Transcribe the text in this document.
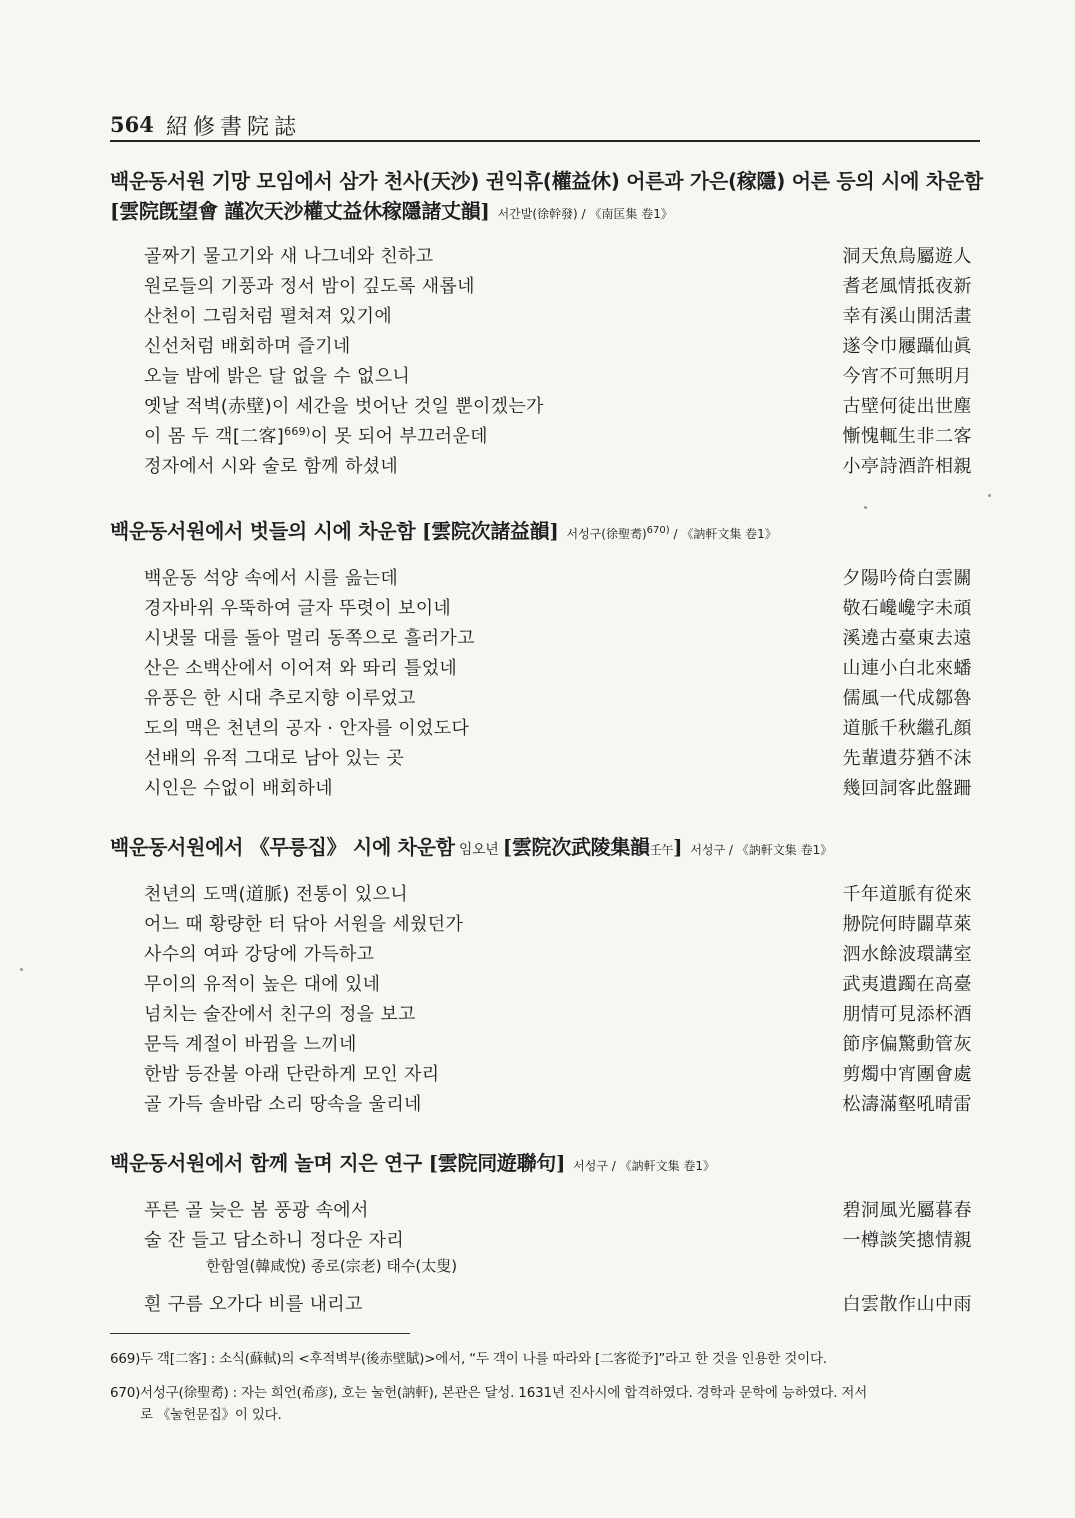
564 紹修書院誌
백운동서원 기망 모임에서 삼가 천사(天沙) 권익휴(權益休) 어른과 가은(稼隱) 어른 등의 시에 차운함
[雲院旣望會 謹次天沙權丈益休稼隱諸丈韻] 서간발(徐幹發) / 《南匡集 卷1》
골짜기 물고기와 새 나그네와 친하고	洞天魚鳥屬遊人
원로들의 기풍과 정서 밤이 깊도록 새롭네	耆老風情抵夜新
산천이 그림처럼 펼쳐져 있기에	幸有溪山開活畫
신선처럼 배회하며 즐기네	遂令巾屨躡仙眞
오늘 밤에 밝은 달 없을 수 없으니	今宵不可無明月
옛날 적벽(赤壁)이 세간을 벗어난 것일 뿐이겠는가	古壁何徒出世塵
이 몸 두 객[二客]$^{669)}$이 못 되어 부끄러운데	慚愧輒生非二客
정자에서 시와 술로 함께 하셨네	小亭詩酒許相親
백운동서원에서 벗들의 시에 차운함 [雲院次諸益韻] 서성구(徐聖耉)$^{670)}$ / 《訥軒文集 卷1》
백운동 석양 속에서 시를 읊는데	夕陽吟倚白雲關
경자바위 우뚝하여 글자 뚜렷이 보이네	敬石巉巉字未頑
시냇물 대를 돌아 멀리 동쪽으로 흘러가고	溪遶古臺東去遠
산은 소백산에서 이어져 와 똬리 틀었네	山連小白北來蟠
유풍은 한 시대 추로지향 이루었고	儒風一代成鄒魯
도의 맥은 천년의 공자 · 안자를 이었도다	道脈千秋繼孔顔
선배의 유적 그대로 남아 있는 곳	先輩遺芬猶不沫
시인은 수없이 배회하네	幾回詞客此盤跚
백운동서원에서 《무릉집》 시에 차운함 임오년 [雲院次武陵集韻壬午] 서성구 / 《訥軒文集 卷1》
천년의 도맥(道脈) 전통이 있으니	千年道脈有從來
어느 때 황량한 터 닦아 서원을 세웠던가	刱院何時闢草萊
사수의 여파 강당에 가득하고	泗水餘波環講室
무이의 유적이 높은 대에 있네	武夷遺躅在高臺
넘치는 술잔에서 친구의 정을 보고	朋情可見添杯酒
문득 계절이 바뀜을 느끼네	節序偏驚動管灰
한밤 등잔불 아래 단란하게 모인 자리	剪燭中宵團會處
골 가득 솔바람 소리 땅속을 울리네	松濤滿壑吼晴雷
백운동서원에서 함께 놀며 지은 연구 [雲院同遊聯句] 서성구 / 《訥軒文集 卷1》
푸른 골 늦은 봄 풍광 속에서	碧洞風光屬暮春
술 잔 들고 담소하니 정다운 자리	一樽談笑摠情親
한함열(韓咸悅) 종로(宗老) 태수(太叟)
흰 구름 오가다 비를 내리고	白雲散作山中雨
669)두 객[二客] : 소식(蘇軾)의 <후적벽부(後赤壁賦)>에서, “두 객이 나를 따라와 [二客從予]”라고 한 것을 인용한 것이다.
670)서성구(徐聖耉) : 자는 희언(希彦), 호는 눌헌(訥軒), 본관은 달성. 1631년 진사시에 합격하였다. 경학과 문학에 능하였다. 저서
로 《눌헌문집》이 있다.
